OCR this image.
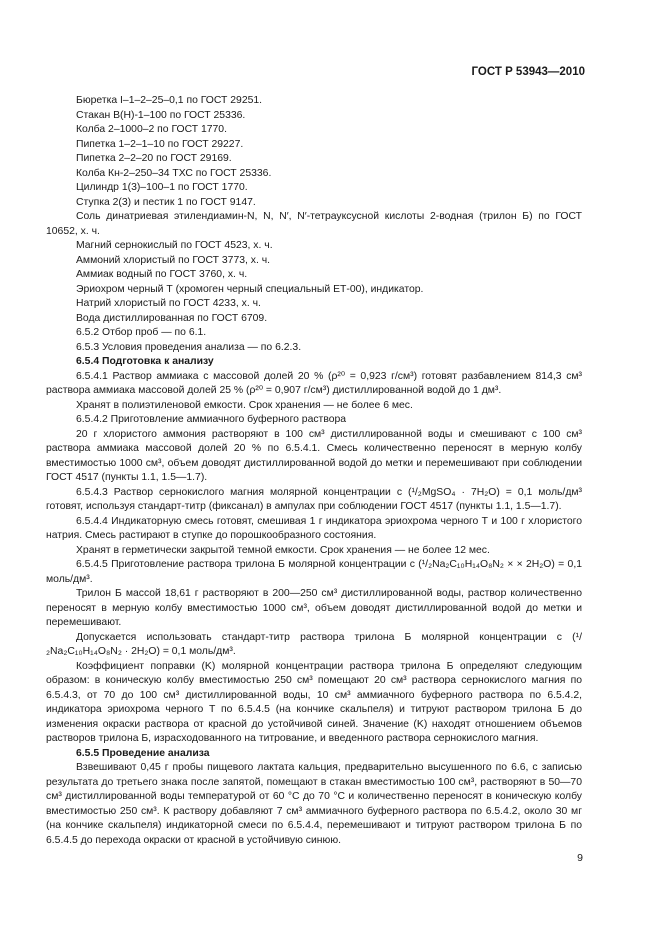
ГОСТ Р 53943—2010

Бюретка I–1–2–25–0,1 по ГОСТ 29251.

Стакан В(Н)-1–100 по ГОСТ 25336.

Колба 2–1000–2 по ГОСТ 1770.

Пипетка 1–2–1–10 по ГОСТ 29227.

Пипетка 2–2–20 по ГОСТ 29169.

Колба Кн-2–250–34 ТХС по ГОСТ 25336.

Цилиндр 1(3)–100–1 по ГОСТ 1770.

Ступка 2(3) и пестик 1 по ГОСТ 9147.

Соль динатриевая этилендиамин-N, N, N′, N′-тетрауксусной кислоты 2-водная (трилон Б) по ГОСТ 10652, х. ч.

Магний сернокислый по ГОСТ 4523, х. ч.

Аммоний хлористый по ГОСТ 3773, х. ч.

Аммиак водный по ГОСТ 3760, х. ч.

Эриохром черный Т (хромоген черный специальный ЕТ-00), индикатор.

Натрий хлористый по ГОСТ 4233, х. ч.

Вода дистиллированная по ГОСТ 6709.

6.5.2 Отбор проб — по 6.1.

6.5.3 Условия проведения анализа — по 6.2.3.

6.5.4 Подготовка к анализу

6.5.4.1 Раствор аммиака с массовой долей 20 % (ρ²⁰ = 0,923 г/см³) готовят разбавлением 814,3 см³ раствора аммиака массовой долей 25 % (ρ²⁰ = 0,907 г/см³) дистиллированной водой до 1 дм³.

Хранят в полиэтиленовой емкости. Срок хранения — не более 6 мес.

6.5.4.2 Приготовление аммиачного буферного раствора

20 г хлористого аммония растворяют в 100 см³ дистиллированной воды и смешивают с 100 см³ раствора аммиака массовой долей 20 % по 6.5.4.1. Смесь количественно переносят в мерную колбу вместимостью 1000 см³, объем доводят дистиллированной водой до метки и перемешивают при соблюдении ГОСТ 4517 (пункты 1.1, 1.5—1.7).

6.5.4.3 Раствор сернокислого магния молярной концентрации c (¹/₂MgSO₄ · 7H₂O) = 0,1 моль/дм³ готовят, используя стандарт-титр (фиксанал) в ампулах при соблюдении ГОСТ 4517 (пункты 1.1, 1.5—1.7).

6.5.4.4 Индикаторную смесь готовят, смешивая 1 г индикатора эриохрома черного Т и 100 г хлористого натрия. Смесь растирают в ступке до порошкообразного состояния.

Хранят в герметически закрытой темной емкости. Срок хранения — не более 12 мес.

6.5.4.5 Приготовление раствора трилона Б молярной концентрации c (¹/₂Na₂C₁₀H₁₄O₈N₂ × × 2H₂O) = 0,1 моль/дм³.

Трилон Б массой 18,61 г растворяют в 200—250 см³ дистиллированной воды, раствор количественно переносят в мерную колбу вместимостью 1000 см³, объем доводят дистиллированной водой до метки и перемешивают.

Допускается использовать стандарт-титр раствора трилона Б молярной концентрации c (¹/₂Na₂C₁₀H₁₄O₈N₂ · 2H₂O) = 0,1 моль/дм³.

Коэффициент поправки (K) молярной концентрации раствора трилона Б определяют следующим образом: в коническую колбу вместимостью 250 см³ помещают 20 см³ раствора сернокислого магния по 6.5.4.3, от 70 до 100 см³ дистиллированной воды, 10 см³ аммиачного буферного раствора по 6.5.4.2, индикатора эриохрома черного Т по 6.5.4.5 (на кончике скальпеля) и титруют раствором трилона Б до изменения окраски раствора от красной до устойчивой синей. Значение (K) находят отношением объемов растворов трилона Б, израсходованного на титрование, и введенного раствора сернокислого магния.

6.5.5 Проведение анализа

Взвешивают 0,45 г пробы пищевого лактата кальция, предварительно высушенного по 6.6, с записью результата до третьего знака после запятой, помещают в стакан вместимостью 100 см³, растворяют в 50—70 см³ дистиллированной воды температурой от 60 °С до 70 °С и количественно переносят в коническую колбу вместимостью 250 см³. К раствору добавляют 7 см³ аммиачного буферного раствора по 6.5.4.2, около 30 мг (на кончике скальпеля) индикаторной смеси по 6.5.4.4, перемешивают и титруют раствором трилона Б по 6.5.4.5 до перехода окраски от красной в устойчивую синюю.

9
